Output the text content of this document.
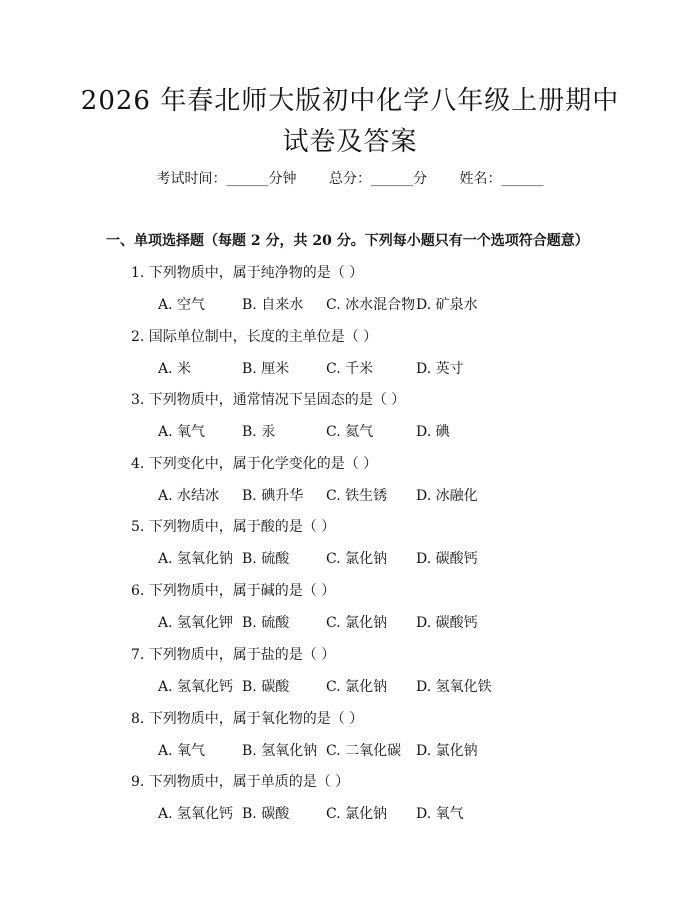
2026 年春北师大版初中化学八年级上册期中
试卷及答案
考试时间：______分钟 总分：______分 姓名：______
一、单项选择题（每题 2 分，共 20 分。下列每小题只有一个选项符合题意）
1. 下列物质中，属于纯净物的是（ ）
A. 空气	B. 自来水 C. 冰水混合物D. 矿泉水
2. 国际单位制中，长度的主单位是（ ）
A. 米	B. 厘米	C. 千米	D. 英寸
3. 下列物质中，通常情况下呈固态的是（ ）
A. 氧气	B. 汞	C. 氦气	D. 碘
4. 下列变化中，属于化学变化的是（ ）
A. 水结冰 B. 碘升华 C. 铁生锈 D. 冰融化
5. 下列物质中，属于酸的是（ ）
A. 氢氧化钠 B. 硫酸	C. 氯化钠 D. 碳酸钙
6. 下列物质中，属于碱的是（ ）
A. 氢氧化钾 B. 硫酸	C. 氯化钠 D. 碳酸钙
7. 下列物质中，属于盐的是（ ）
A. 氢氧化钙 B. 碳酸	C. 氯化钠 D. 氢氧化铁
8. 下列物质中，属于氧化物的是（ ）
A. 氧气	B. 氢氧化钠 C. 二氧化碳 D. 氯化钠
9. 下列物质中，属于单质的是（ ）
A. 氢氧化钙 B. 碳酸	C. 氯化钠 D. 氧气
